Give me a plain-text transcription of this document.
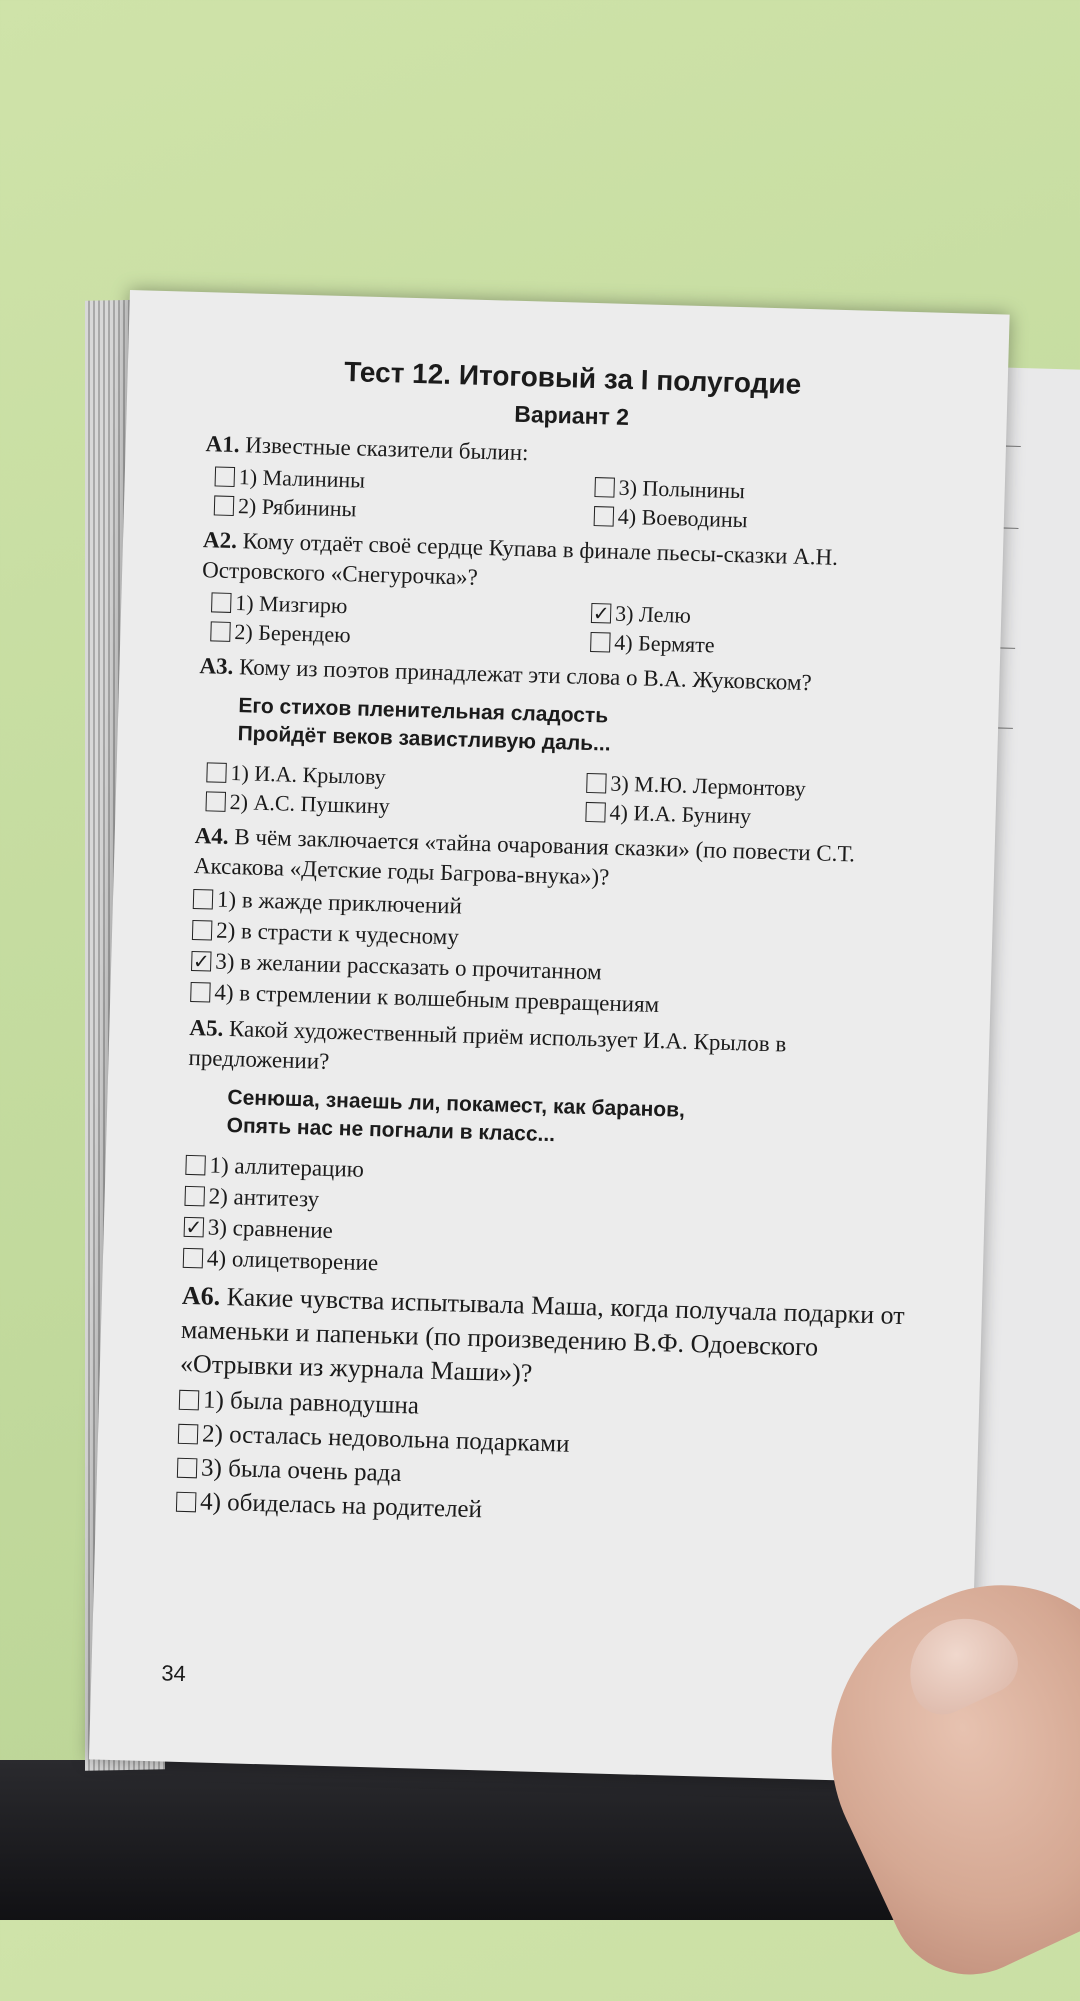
Тест 12. Итоговый за I полугодие
Вариант 2

А1. Известные сказители былин:

1) Малинины	3) Полынины
2) Рябинины	4) Воеводины

А2. Кому отдаёт своё сердце Купава в финале пьесы-сказки А.Н. Островского «Снегурочка»?

1) Мизгирю	✓ 3) Лелю
2) Берендею	4) Бермяте

А3. Кому из поэтов принадлежат эти слова о В.А. Жуковском?

Его стихов пленительная сладость
Пройдёт веков завистливую даль...
1) И.А. Крылову	3) М.Ю. Лермонтову
2) А.С. Пушкину	4) И.А. Бунину

А4. В чём заключается «тайна очарования сказки» (по повести С.Т. Аксакова «Детские годы Багрова-внука»)?

1) в жажде приключений
2) в страсти к чудесному
✓ 3) в желании рассказать о прочитанном
4) в стремлении к волшебным превращениям

А5. Какой художественный приём использует И.А. Крылов в предложении?

Сенюша, знаешь ли, покамест, как баранов,
Опять нас не погнали в класс...
1) аллитерацию
2) антитезу
✓ 3) сравнение
4) олицетворение

А6. Какие чувства испытывала Маша, когда получала подарки от маменьки и папеньки (по произведению В.Ф. Одоевского «Отрывки из журнала Маши»)?

1) была равнодушна
2) осталась недовольна подарками
3) была очень рада
4) обиделась на родителей
34
